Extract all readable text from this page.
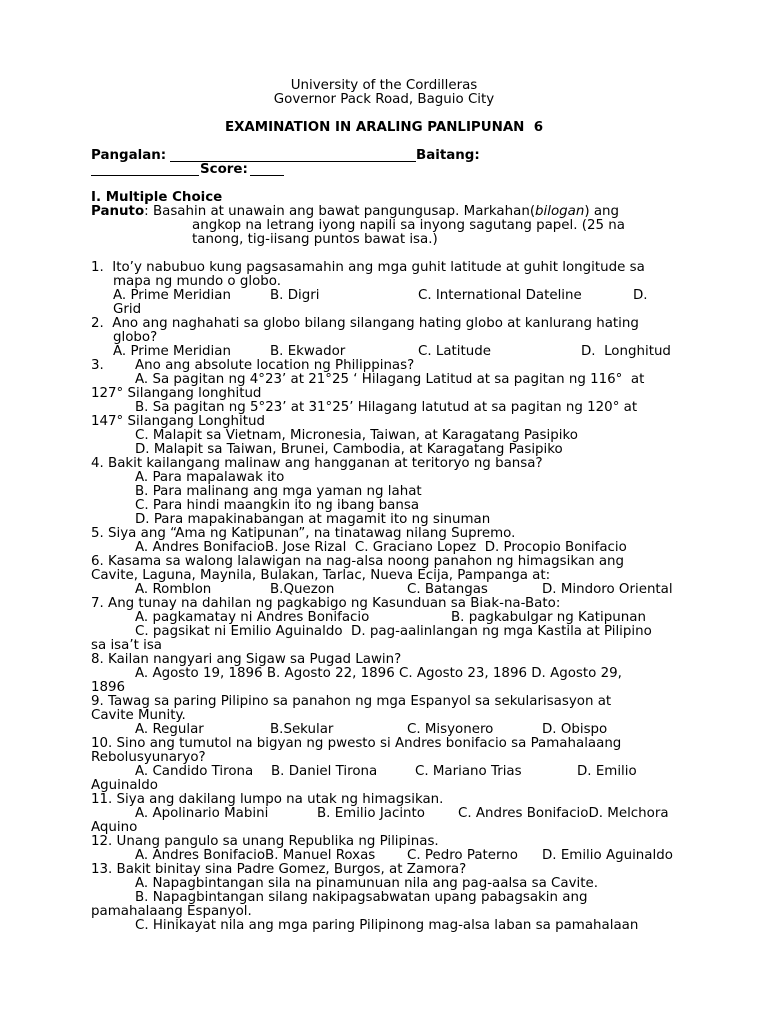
University of the Cordilleras
Governor Pack Road, Baguio City
EXAMINATION IN ARALING PANLIPUNAN  6
Pangalan:	Baitang:
Score:
I. Multiple Choice
Panuto: Basahin at unawain ang bawat pangungusap. Markahan(bilogan) ang
angkop na letrang iyong napili sa inyong sagutang papel. (25 na
tanong, tig-iisang puntos bawat isa.)
1.  Ito’y nabubuo kung pagsasamahin ang mga guhit latitude at guhit longitude sa
mapa ng mundo o globo.
A. Prime Meridian	B. Digri	C. International Dateline	D.
Grid
2.  Ano ang naghahati sa globo bilang silangang hating globo at kanlurang hating
globo?
A. Prime Meridian	B. Ekwador	C. Latitude	D.  Longhitud
3. Ano ang absolute location ng Philippinas?
A. Sa pagitan ng 4°23’ at 21°25 ‘ Hilagang Latitud at sa pagitan ng 116°  at
127° Silangang longhitud
B. Sa pagitan ng 5°23’ at 31°25’ Hilagang latutud at sa pagitan ng 120° at
147° Silangang Longhitud
C. Malapit sa Vietnam, Micronesia, Taiwan, at Karagatang Pasipiko
D. Malapit sa Taiwan, Brunei, Cambodia, at Karagatang Pasipiko
4. Bakit kailangang malinaw ang hangganan at teritoryo ng bansa?
A. Para mapalawak ito
B. Para malinang ang mga yaman ng lahat
C. Para hindi maangkin ito ng ibang bansa
D. Para mapakinabangan at magamit ito ng sinuman
5. Siya ang “Ama ng Katipunan”, na tinatawag nilang Supremo.
A. Andres BonifacioB. Jose Rizal  C. Graciano Lopez  D. Procopio Bonifacio
6. Kasama sa walong lalawigan na nag-alsa noong panahon ng himagsikan ang
Cavite, Laguna, Maynila, Bulakan, Tarlac, Nueva Ecija, Pampanga at:
A. Romblon	B.Quezon	C. Batangas	D. Mindoro Oriental
7. Ang tunay na dahilan ng pagkabigo ng Kasunduan sa Biak-na-Bato:
A. pagkamatay ni Andres Bonifacio	B. pagkabulgar ng Katipunan
C. pagsikat ni Emilio Aguinaldo  D. pag-aalinlangan ng mga Kastila at Pilipino
sa isa’t isa
8. Kailan nangyari ang Sigaw sa Pugad Lawin?
A. Agosto 19, 1896 B. Agosto 22, 1896 C. Agosto 23, 1896 D. Agosto 29,
1896
9. Tawag sa paring Pilipino sa panahon ng mga Espanyol sa sekularisasyon at
Cavite Munity.
A. Regular	B.Sekular	C. Misyonero	D. Obispo
10. Sino ang tumutol na bigyan ng pwesto si Andres bonifacio sa Pamahalaang
Rebolusyunaryo?
A. Candido Tirona B. Daniel Tirona	C. Mariano Trias	D. Emilio
Aguinaldo
11. Siya ang dakilang lumpo na utak ng himagsikan.
A. Apolinario Mabini	B. Emilio Jacinto C. Andres BonifacioD. Melchora
Aquino
12. Unang pangulo sa unang Republika ng Pilipinas.
A. Andres BonifacioB. Manuel Roxas C. Pedro Paterno D. Emilio Aguinaldo
13. Bakit binitay sina Padre Gomez, Burgos, at Zamora?
A. Napagbintangan sila na pinamunuan nila ang pag-aalsa sa Cavite.
B. Napagbintangan silang nakipagsabwatan upang pabagsakin ang
pamahalaang Espanyol.
C. Hinikayat nila ang mga paring Pilipinong mag-alsa laban sa pamahalaan
